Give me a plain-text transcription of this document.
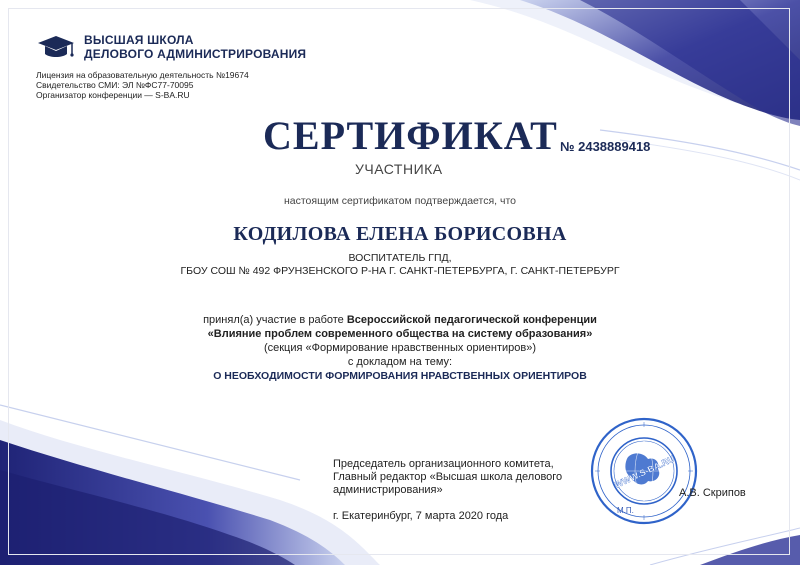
ВЫСШАЯ ШКОЛА
ДЕЛОВОГО АДМИНИСТРИРОВАНИЯ
Лицензия на образовательную деятельность №19674
Свидетельство СМИ: ЭЛ №ФС77-70095
Организатор конференции — S-BA.RU
СЕРТИФИКАТ
УЧАСТНИКА
№ 2438889418
настоящим сертификатом подтверждается, что
КОДИЛОВА ЕЛЕНА БОРИСОВНА
ВОСПИТАТЕЛЬ ГПД,
ГБОУ СОШ № 492 ФРУНЗЕНСКОГО Р-НА Г. САНКТ-ПЕТЕРБУРГА, Г. САНКТ-ПЕТЕРБУРГ
принял(а) участие в работе Всероссийской педагогической конференции
«Влияние проблем современного общества на систему образования»
(секция «Формирование нравственных ориентиров»)
с докладом на тему:
О НЕОБХОДИМОСТИ ФОРМИРОВАНИЯ НРАВСТВЕННЫХ ОРИЕНТИРОВ
Председатель организационного комитета,
Главный редактор «Высшая школа делового
администрирования»
г. Екатеринбург, 7 марта 2020 года
WWW.S-BA.RU
М.П.
А.В. Скрипов
